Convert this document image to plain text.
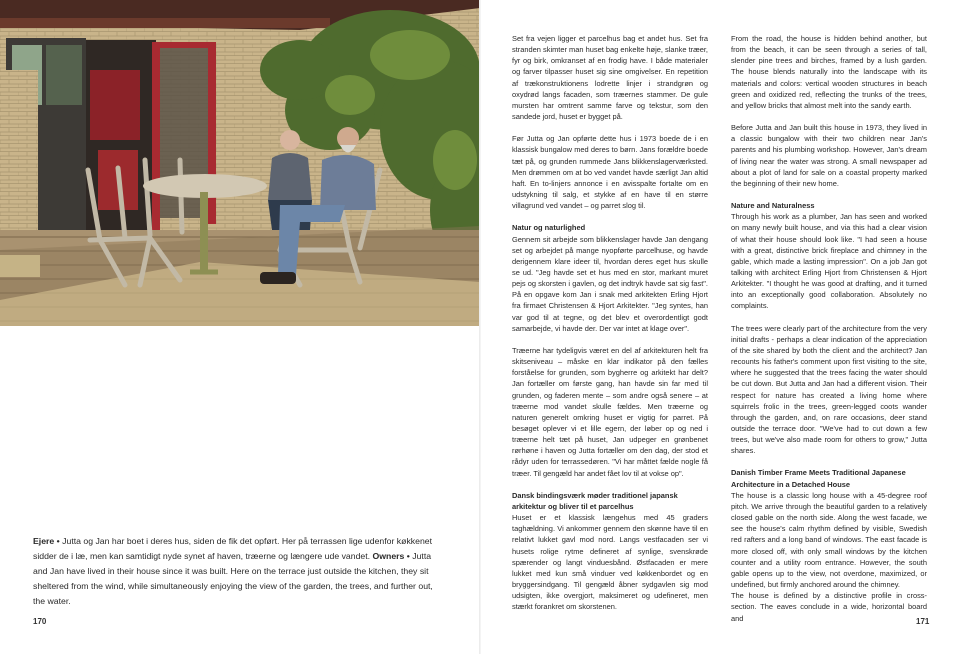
Ejere • Jutta og Jan har boet i deres hus, siden de fik det opført. Her på terrassen lige udenfor køkkenet sidder de i læ, men kan samtidigt nyde synet af haven, træerne og længere ude vandet. Owners • Jutta and Jan have lived in their house since it was built. Here on the terrace just outside the kitchen, they sit sheltered from the wind, while simultaneously enjoying the view of the garden, the trees, and further out, the water.
170

Set fra vejen ligger et parcelhus bag et andet hus. Set fra stranden skimter man huset bag enkelte høje, slanke træer, fyr og birk, omkranset af en frodig have. I både materialer og farver tilpasser huset sig sine omgivelser. En repetition af trækonstruktionens lodrette linjer i strandgrøn og oxydrød langs facaden, som træernes stammer. De gule mursten har omtrent samme farve og tekstur, som den sandede jord, huset er bygget på.

Før Jutta og Jan opførte dette hus i 1973 boede de i en klassisk bungalow med deres to børn. Jans forældre boede tæt på, og grunden rummede Jans blikkenslagerværksted. Men drømmen om at bo ved vandet havde særligt Jan altid haft. En to-linjers annonce i en avisspalte fortalte om en udstykning til salg, et stykke af en have til en større villagrund ved vandet – og parret slog til.

Natur og naturlighed

Gennem sit arbejde som blikkenslager havde Jan dengang set og arbejdet på mange nyopførte parcelhuse, og havde derigennem klare ideer til, hvordan deres eget hus skulle se ud. "Jeg havde set et hus med en stor, markant muret pejs og skorsten i gavlen, og det indtryk havde sat sig fast". På en opgave kom Jan i snak med arkitekten Erling Hjort fra firmaet Christensen & Hjort Arkitekter. "Jeg syntes, han var god til at tegne, og det blev et overordentligt godt samarbejde, vi havde der. Der var intet at klage over".

Træerne har tydeligvis været en del af arkitekturen helt fra skitseniveau – måske en klar indikator på den fælles forståelse for grunden, som bygherre og arkitekt har delt? Jan fortæller om første gang, han havde sin far med til grunden, og faderen mente – som andre også senere – at træerne mod vandet skulle fældes. Men træerne og naturen generelt omkring huset er vigtig for parret. På besøget oplever vi et lille egern, der løber op og ned i træerne helt tæt på huset, Jan udpeger en grønbenet rørhøne i haven og Jutta fortæller om den dag, der stod et rådyr uden for terrassedøren. "Vi har måttet fælde nogle få træer. Til gengæld har andet fået lov til at vokse op".

Dansk bindingsværk møder traditionel japansk arkitektur og bliver til et parcelhus

Huset er et klassisk længehus med 45 graders taghældning. Vi ankommer gennem den skønne have til en relativt lukket gavl mod nord. Langs vestfacaden ser vi husets rolige rytme defineret af synlige, svenskrøde spærender og langt vinduesbånd. Østfacaden er mere lukket med kun små vinduer ved køkkenbordet og en bryggersindgang. Til gengæld åbner sydgavlen sig mod udsigten, ikke overgjort, maksimeret og udefineret, men stærkt forankret om skorstenen.

From the road, the house is hidden behind another, but from the beach, it can be seen through a series of tall, slender pine trees and birches, framed by a lush garden. The house blends naturally into the landscape with its materials and colors: vertical wooden structures in beach green and oxidized red, reflecting the trunks of the trees, and yellow bricks that almost melt into the sandy earth.

Before Jutta and Jan built this house in 1973, they lived in a classic bungalow with their two children near Jan's parents and his plumbing workshop. However, Jan's dream of living near the water was strong. A small newspaper ad about a plot of land for sale on a coastal property marked the beginning of their new home.

Nature and Naturalness

Through his work as a plumber, Jan has seen and worked on many newly built house, and via this had a clear vision of what their house should look like. "I had seen a house with a great, distinctive brick fireplace and chimney in the gable, which made a lasting impression". On a job Jan got talking with architect Erling Hjort from Christensen & Hjort Arkitekter. "I thought he was good at drafting, and it turned into an exceptionally good collaboration. Absolutely no complaints.

The trees were clearly part of the architecture from the very initial drafts - perhaps a clear indication of the appreciation of the site shared by both the client and the architect? Jan recounts his father's comment upon first visiting to the site, where he suggested that the trees facing the water should be cut down. But Jutta and Jan had a different vision. Their respect for nature has created a living home where squirrels frolic in the trees, green-legged coots wander through the garden, and, on rare occasions, deer stand outside the terrace door. "We've had to cut down a few trees, but we've also made room for others to grow," Jutta shares.

Danish Timber Frame Meets Traditional Japanese Architecture in a Detached House

The house is a classic long house with a 45-degree roof pitch. We arrive through the beautiful garden to a relatively closed gable on the north side. Along the west facade, we see the house's calm rhythm defined by visible, Swedish red rafters and a long band of windows. The east facade is more closed off, with only small windows by the kitchen counter and a utility room entrance. However, the south gable opens up to the view, not overdone, maximized, or undefined, but firmly anchored around the chimney.

The house is defined by a distinctive profile in cross-section. The eaves conclude in a wide, horizontal board and	171
